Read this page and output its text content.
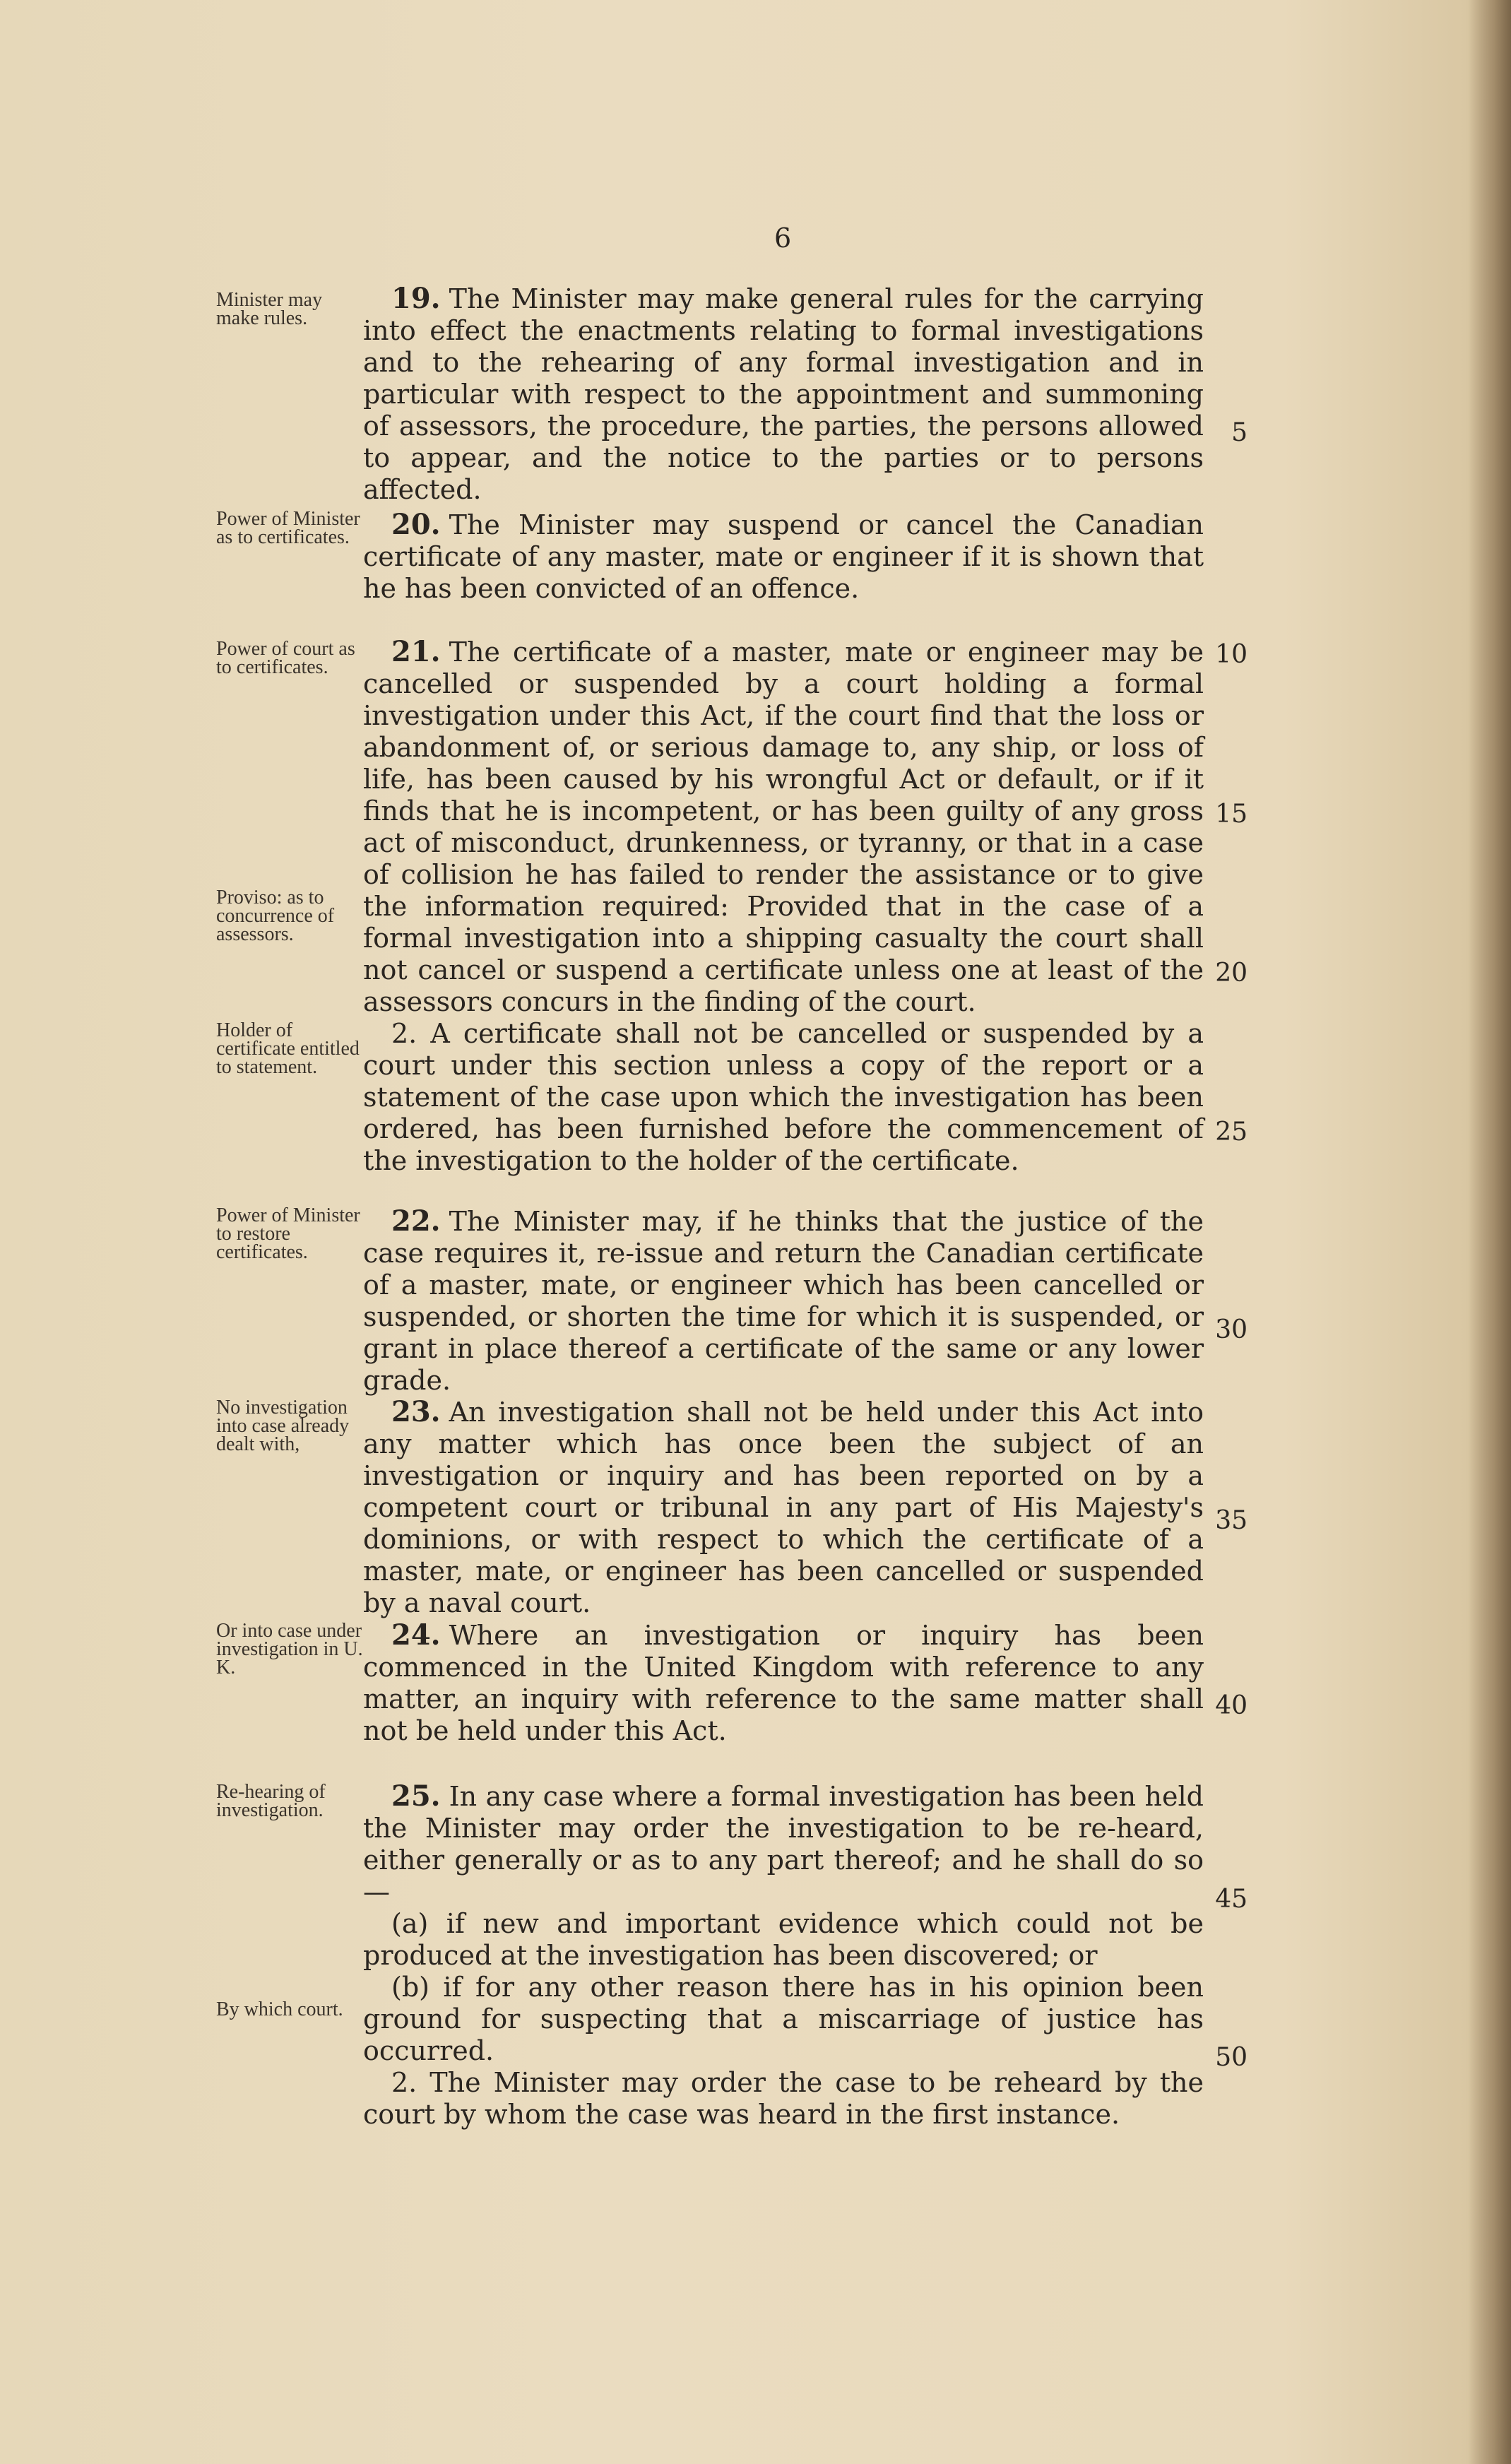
6
Minister may make rules.

19. The Minister may make general rules for the carrying into effect the enactments relating to formal investigations and to the rehearing of any formal investigation and in particular with respect to the appointment and summoning of assessors, the procedure, the parties, the persons allowed to appear, and the notice to the parties or to persons affected.

Power of Minister as to certificates.	20. The Minister may suspend or cancel the Canadian certificate of any master, mate or engineer if it is shown that he has been convicted of an offence.

Power of court as to certificates.
Proviso: as to concurrence of assessors.
Holder of certificate entitled to statement.

21. The certificate of a master, mate or engineer may be cancelled or suspended by a court holding a formal investigation under this Act, if the court find that the loss or abandonment of, or serious damage to, any ship, or loss of life, has been caused by his wrongful Act or default, or if it finds that he is incompetent, or has been guilty of any gross act of misconduct, drunkenness, or tyranny, or that in a case of collision he has failed to render the assistance or to give the information required: Provided that in the case of a formal investigation into a shipping casualty the court shall not cancel or suspend a certificate unless one at least of the assessors concurs in the finding of the court.

2. A certificate shall not be cancelled or suspended by a court under this section unless a copy of the report or a statement of the case upon which the investigation has been ordered, has been furnished before the commencement of the investigation to the holder of the certificate.

Power of Minister to restore certificates.

22. The Minister may, if he thinks that the justice of the case requires it, re-issue and return the Canadian certificate of a master, mate, or engineer which has been cancelled or suspended, or shorten the time for which it is suspended, or grant in place thereof a certificate of the same or any lower grade.

No investigation into case already dealt with,

23. An investigation shall not be held under this Act into any matter which has once been the subject of an investigation or inquiry and has been reported on by a competent court or tribunal in any part of His Majesty's dominions, or with respect to which the certificate of a master, mate, or engineer has been cancelled or suspended by a naval court.

Or into case under investigation in U. K.

24. Where an investigation or inquiry has been commenced in the United Kingdom with reference to any matter, an inquiry with reference to the same matter shall not be held under this Act.

Re-hearing of investigation.
By which court.

25. In any case where a formal investigation has been held the Minister may order the investigation to be re-heard, either generally or as to any part thereof; and he shall do so—

(a) if new and important evidence which could not be produced at the investigation has been discovered; or

(b) if for any other reason there has in his opinion been ground for suspecting that a miscarriage of justice has occurred.

2. The Minister may order the case to be reheard by the court by whom the case was heard in the first instance.

5
10
15
20
25
30
35
40
45
50
